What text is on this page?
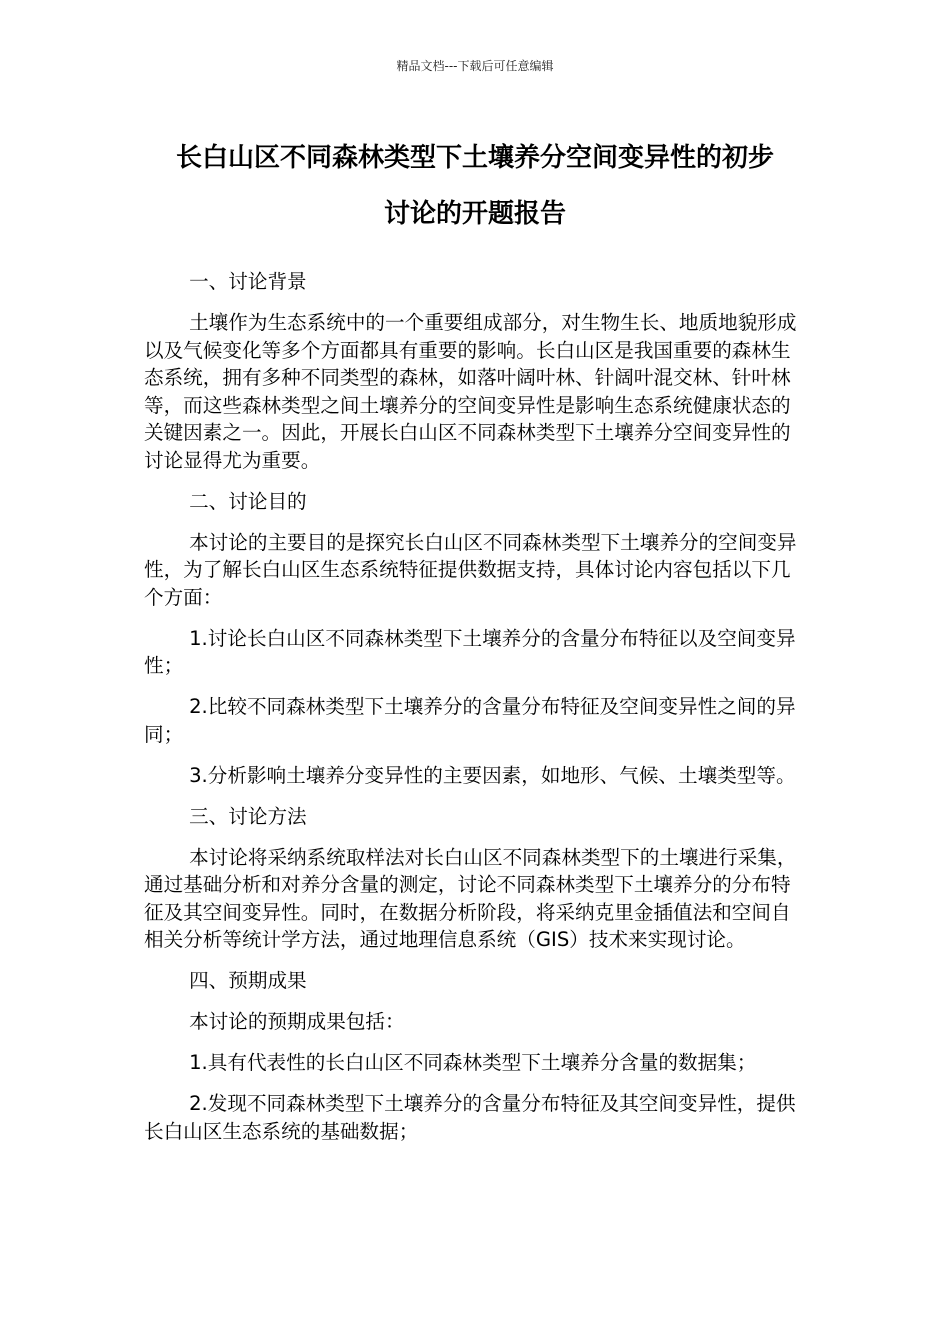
精品文档---下载后可任意编辑
长白山区不同森林类型下土壤养分空间变异性的初步
讨论的开题报告

一、讨论背景

土壤作为生态系统中的一个重要组成部分，对生物生长、地质地貌形成以及气候变化等多个方面都具有重要的影响。长白山区是我国重要的森林生态系统，拥有多种不同类型的森林，如落叶阔叶林、针阔叶混交林、针叶林等，而这些森林类型之间土壤养分的空间变异性是影响生态系统健康状态的关键因素之一。因此，开展长白山区不同森林类型下土壤养分空间变异性的讨论显得尤为重要。

二、讨论目的

本讨论的主要目的是探究长白山区不同森林类型下土壤养分的空间变异性，为了解长白山区生态系统特征提供数据支持，具体讨论内容包括以下几个方面：

1.讨论长白山区不同森林类型下土壤养分的含量分布特征以及空间变异性；

2.比较不同森林类型下土壤养分的含量分布特征及空间变异性之间的异同；

3.分析影响土壤养分变异性的主要因素，如地形、气候、土壤类型等。

三、讨论方法

本讨论将采纳系统取样法对长白山区不同森林类型下的土壤进行采集，通过基础分析和对养分含量的测定，讨论不同森林类型下土壤养分的分布特征及其空间变异性。同时，在数据分析阶段，将采纳克里金插值法和空间自相关分析等统计学方法，通过地理信息系统（GIS）技术来实现讨论。

四、预期成果

本讨论的预期成果包括：

1.具有代表性的长白山区不同森林类型下土壤养分含量的数据集；

2.发现不同森林类型下土壤养分的含量分布特征及其空间变异性，提供长白山区生态系统的基础数据；
